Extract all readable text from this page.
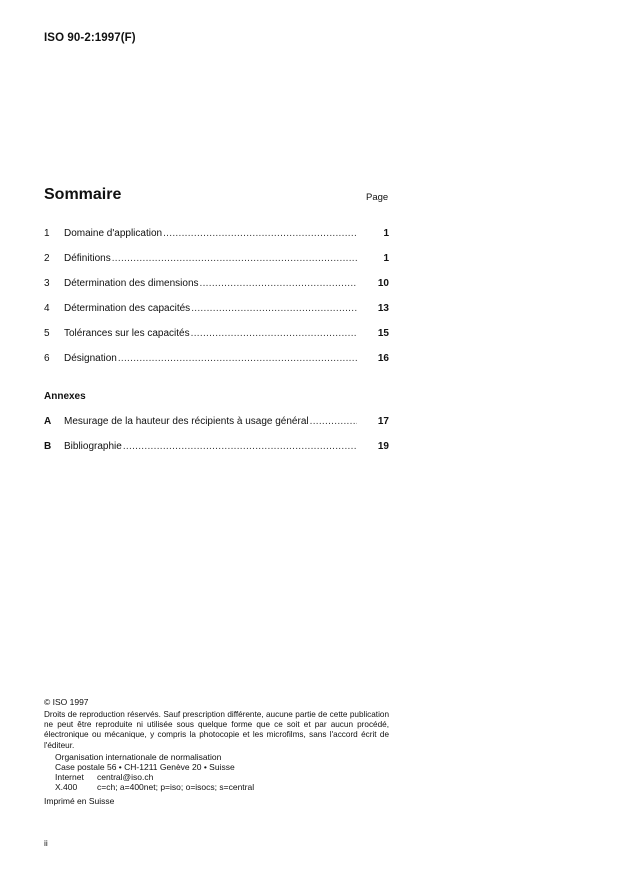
ISO 90-2:1997(F)
Sommaire	Page
1	Domaine d'application .....	1
2	Définitions .....	1
3	Détermination des dimensions .....	10
4	Détermination des capacités .....	13
5	Tolérances sur les capacités .....	15
6	Désignation .....	16
Annexes
A	Mesurage de la hauteur des récipients à usage général .....	17
B	Bibliographie .....	19
© ISO 1997
Droits de reproduction réservés. Sauf prescription différente, aucune partie de cette publication ne peut être reproduite ni utilisée sous quelque forme que ce soit et par aucun procédé, électronique ou mécanique, y compris la photocopie et les microfilms, sans l'accord écrit de l'éditeur.
Organisation internationale de normalisation
Case postale 56 • CH-1211 Genève 20 • Suisse
Internet	central@iso.ch
X.400	c=ch; a=400net; p=iso; o=isocs; s=central
Imprimé en Suisse
ii
